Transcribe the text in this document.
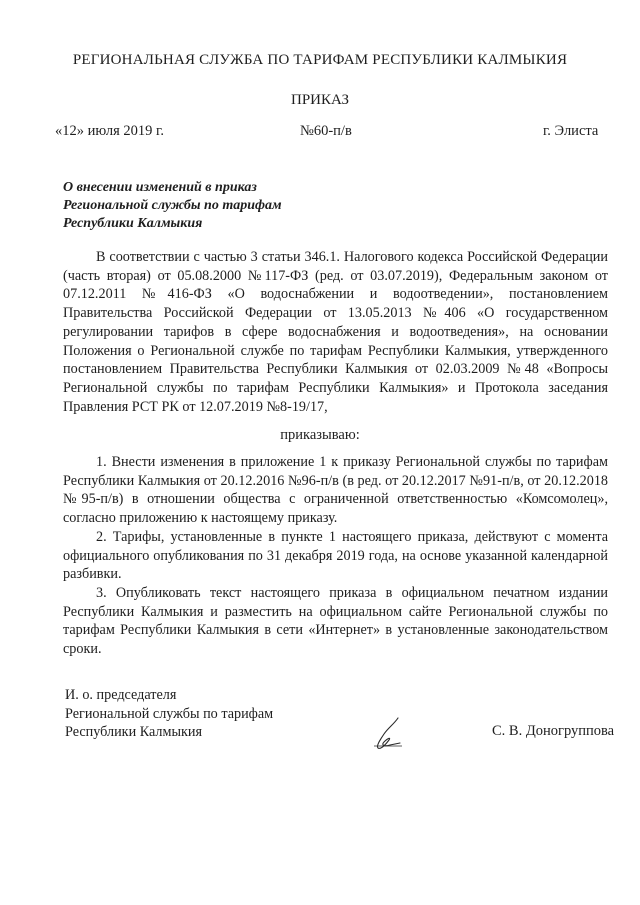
РЕГИОНАЛЬНАЯ СЛУЖБА ПО ТАРИФАМ РЕСПУБЛИКИ КАЛМЫКИЯ
ПРИКАЗ
«12» июля 2019 г.	№60-п/в	г. Элиста
О внесении изменений в приказ
Региональной службы по тарифам
Республики Калмыкия

В соответствии с частью 3 статьи 346.1. Налогового кодекса Российской Федерации (часть вторая) от 05.08.2000 №117-ФЗ (ред. от 03.07.2019), Федеральным законом от 07.12.2011 №416-ФЗ «О водоснабжении и водоотведении», постановлением Правительства Российской Федерации от 13.05.2013 №406 «О государственном регулировании тарифов в сфере водоснабжения и водоотведения», на основании Положения о Региональной службе по тарифам Республики Калмыкия, утвержденного постановлением Правительства Республики Калмыкия от 02.03.2009 №48 «Вопросы Региональной службы по тарифам Республики Калмыкия» и Протокола заседания Правления РСТ РК от 12.07.2019 №8-19/17,

приказываю:

1. Внести изменения в приложение 1 к приказу Региональной службы по тарифам Республики Калмыкия от 20.12.2016 №96-п/в (в ред. от 20.12.2017 №91-п/в, от 20.12.2018 №95-п/в) в отношении общества с ограниченной ответственностью «Комсомолец», согласно приложению к настоящему приказу.

2. Тарифы, установленные в пункте 1 настоящего приказа, действуют с момента официального опубликования по 31 декабря 2019 года, на основе указанной календарной разбивки.

3. Опубликовать текст настоящего приказа в официальном печатном издании Республики Калмыкия и разместить на официальном сайте Региональной службы по тарифам Республики Калмыкия в сети «Интернет» в установленные законодательством сроки.

И. о. председателя
Региональной службы по тарифам
Республики Калмыкия	С. В. Доногруппова
